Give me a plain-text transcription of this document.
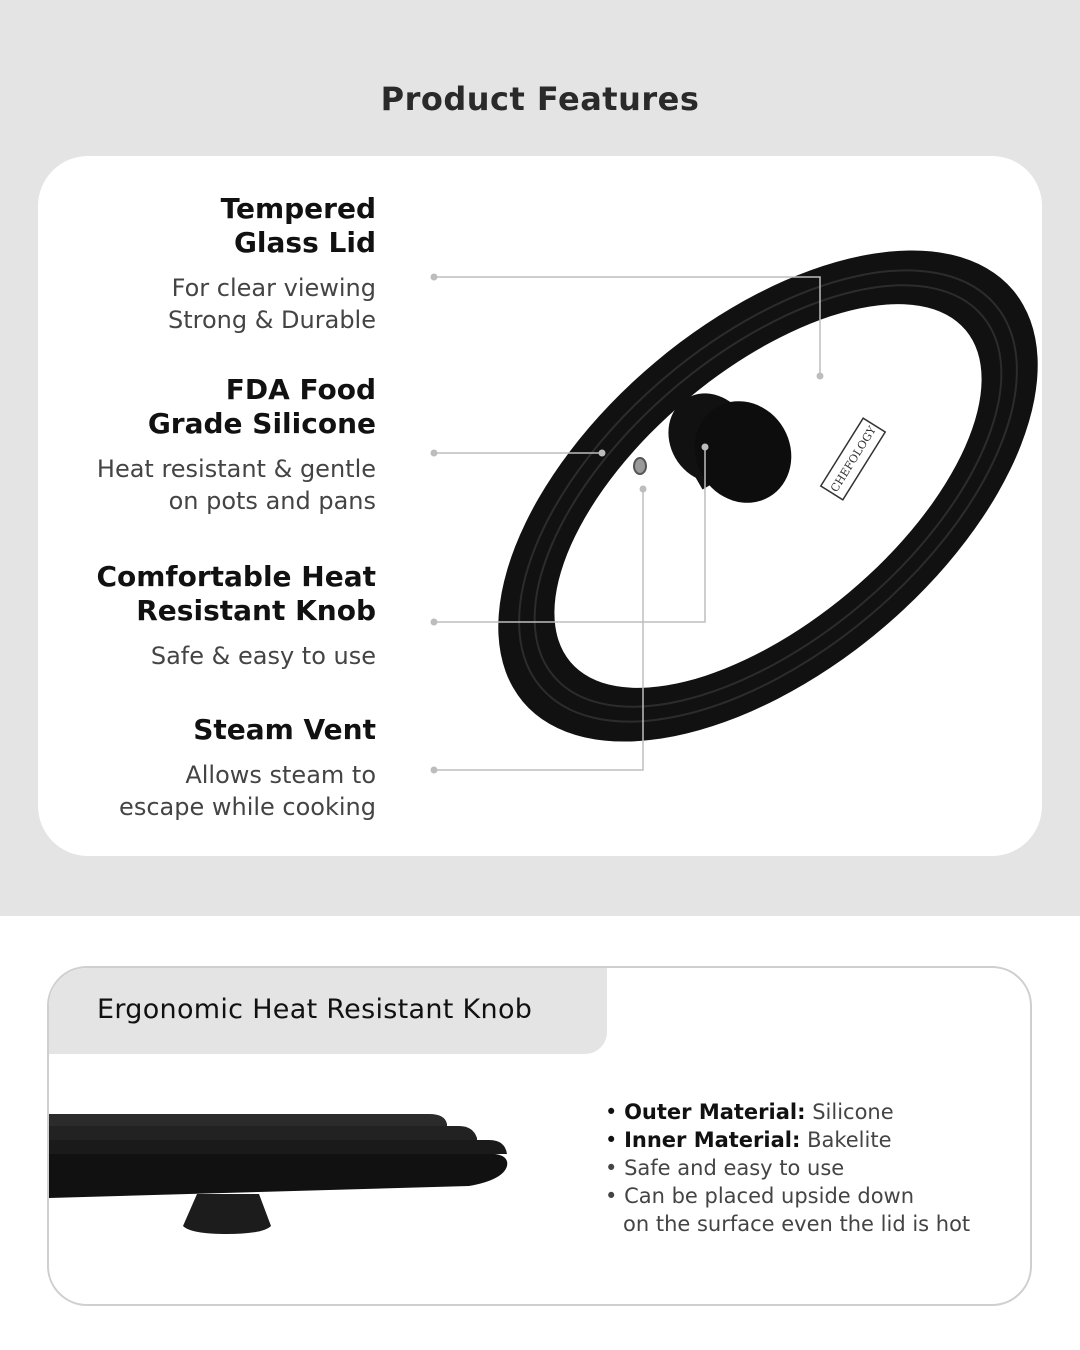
Product Features
CHEFOLOGY
Tempered
Glass Lid
For clear viewing
Strong & Durable
FDA Food
Grade Silicone
Heat resistant & gentle
on pots and pans
Comfortable Heat
Resistant Knob
Safe & easy to use
Steam Vent
Allows steam to
escape while cooking
Ergonomic Heat Resistant Knob
• Outer Material: Silicone
• Inner Material: Bakelite
• Safe and easy to use
• Can be placed upside down
on the surface even the lid is hot
